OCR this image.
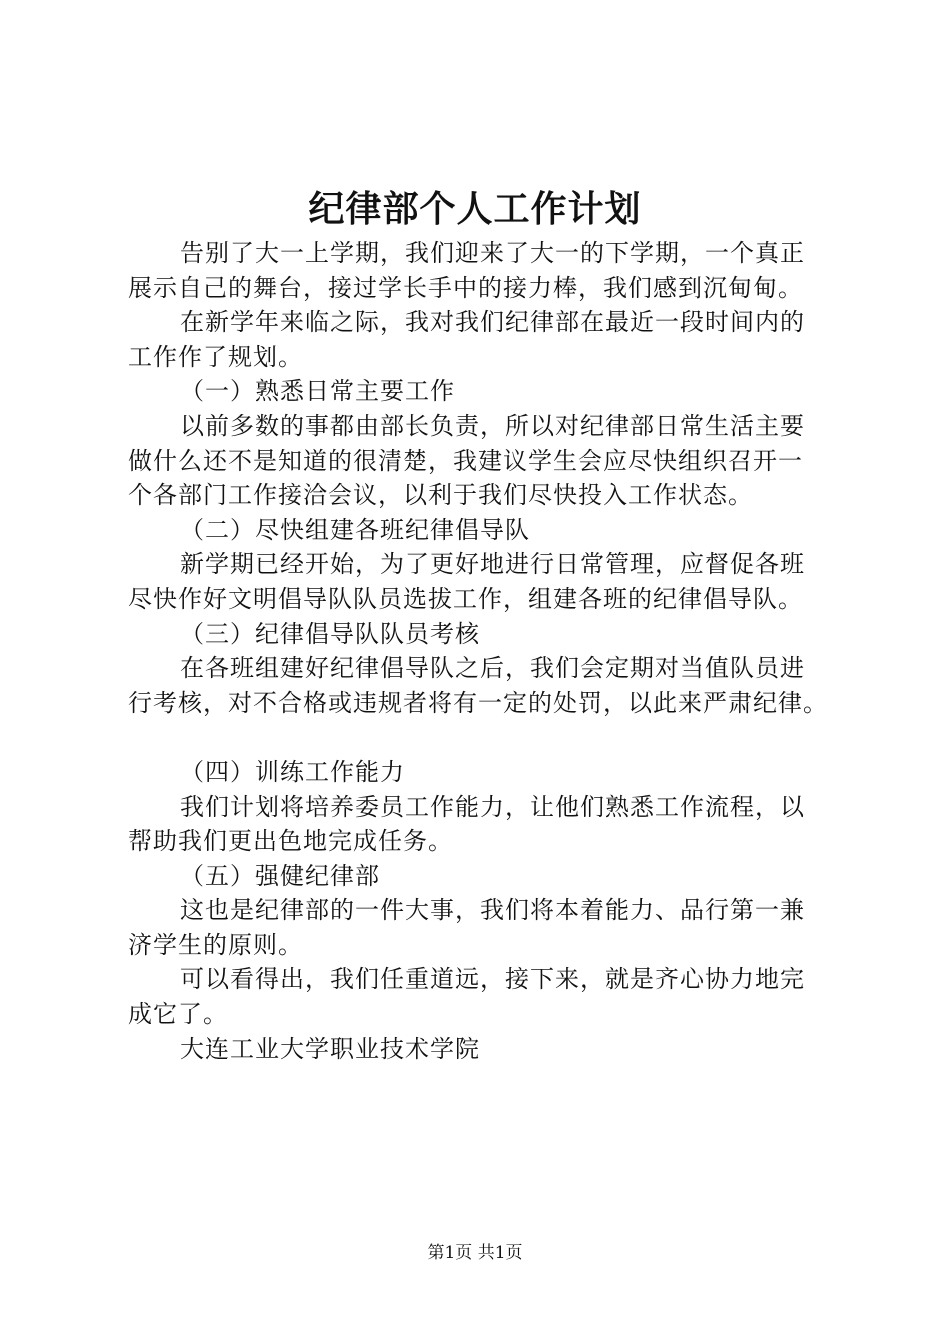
纪律部个人工作计划

告别了大一上学期，我们迎来了大一的下学期，一个真正
展示自己的舞台，接过学长手中的接力棒，我们感到沉甸甸。

在新学年来临之际，我对我们纪律部在最近一段时间内的
工作作了规划。

（一）熟悉日常主要工作

以前多数的事都由部长负责，所以对纪律部日常生活主要
做什么还不是知道的很清楚，我建议学生会应尽快组织召开一
个各部门工作接洽会议，以利于我们尽快投入工作状态。

（二）尽快组建各班纪律倡导队

新学期已经开始，为了更好地进行日常管理，应督促各班
尽快作好文明倡导队队员选拔工作，组建各班的纪律倡导队。

（三）纪律倡导队队员考核

在各班组建好纪律倡导队之后，我们会定期对当值队员进
行考核，对不合格或违规者将有一定的处罚，以此来严肃纪律。

（四）训练工作能力

我们计划将培养委员工作能力，让他们熟悉工作流程，以
帮助我们更出色地完成任务。

（五）强健纪律部

这也是纪律部的一件大事，我们将本着能力、品行第一兼
济学生的原则。

可以看得出，我们任重道远，接下来，就是齐心协力地完
成它了。

大连工业大学职业技术学院

第1页 共1页
